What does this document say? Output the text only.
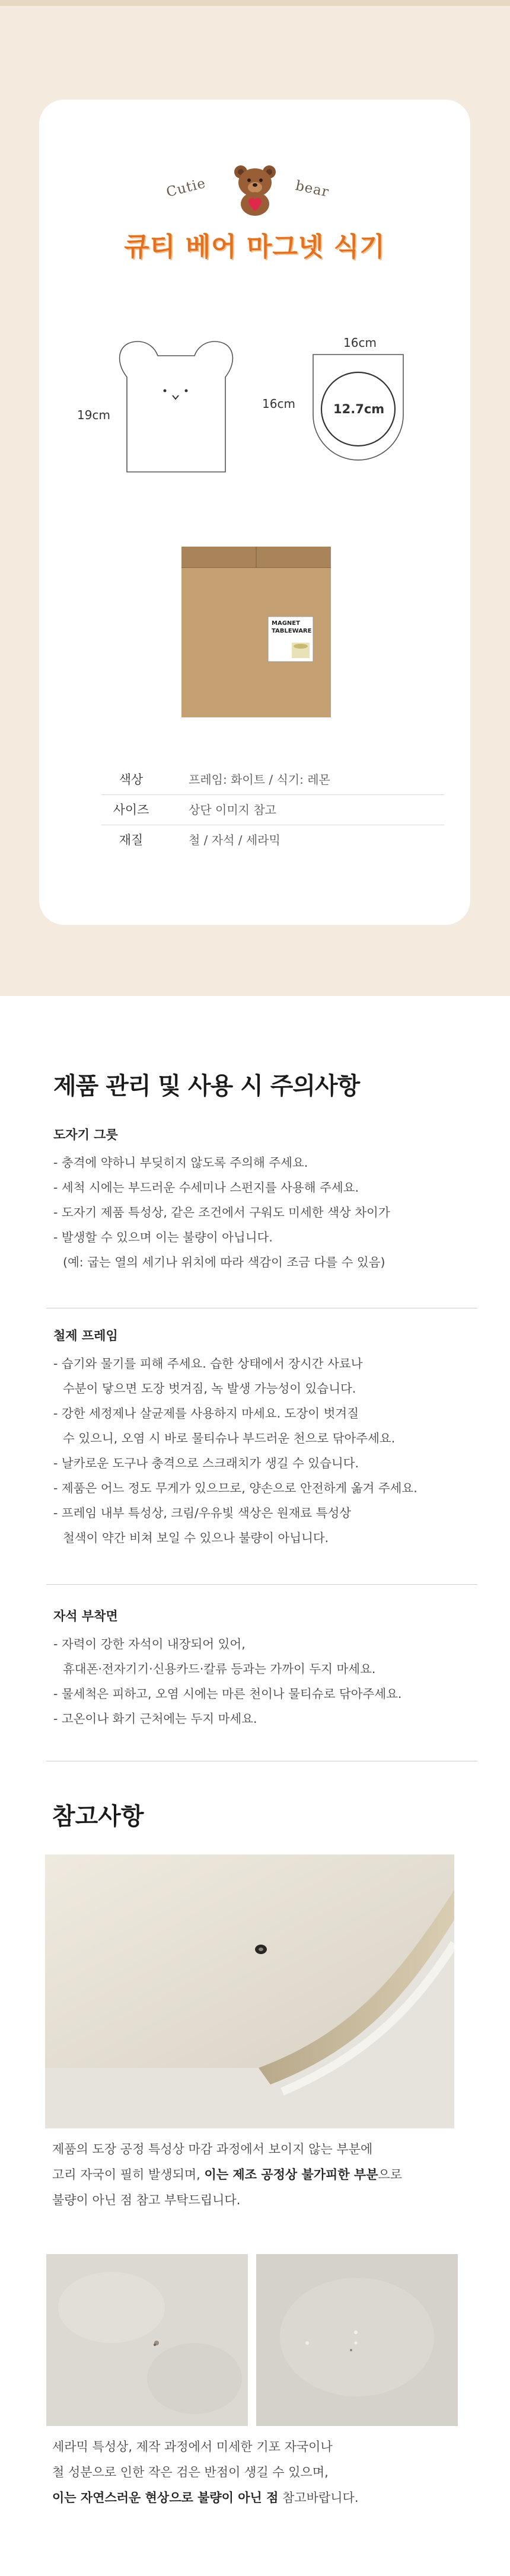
Cutie	bear
큐티 베어 마그넷 식기
19cm
16cm
16cm	12.7cm
MAGNET
TABLEWARE
색상	프레임: 화이트 / 식기: 레몬
사이즈	상단 이미지 참고
재질	철 / 자석 / 세라믹
제품 관리 및 사용 시 주의사항

도자기 그릇

- 충격에 약하니 부딪히지 않도록 주의해 주세요.

- 세척 시에는 부드러운 수세미나 스펀지를 사용해 주세요.

- 도자기 제품 특성상, 같은 조건에서 구워도 미세한 색상 차이가

- 발생할 수 있으며 이는 불량이 아닙니다.

(예: 굽는 열의 세기나 위치에 따라 색감이 조금 다를 수 있음)

철제 프레임

- 습기와 물기를 피해 주세요. 습한 상태에서 장시간 사료나

수분이 닿으면 도장 벗겨짐, 녹 발생 가능성이 있습니다.

- 강한 세정제나 살균제를 사용하지 마세요. 도장이 벗겨질

수 있으니, 오염 시 바로 물티슈나 부드러운 천으로 닦아주세요.

- 날카로운 도구나 충격으로 스크래치가 생길 수 있습니다.

- 제품은 어느 정도 무게가 있으므로, 양손으로 안전하게 옮겨 주세요.

- 프레임 내부 특성상, 크림/우유빛 색상은 원재료 특성상

철색이 약간 비쳐 보일 수 있으나 불량이 아닙니다.

자석 부착면

- 자력이 강한 자석이 내장되어 있어,

휴대폰·전자기기·신용카드·칼류 등과는 가까이 두지 마세요.

- 물세척은 피하고, 오염 시에는 마른 천이나 물티슈로 닦아주세요.

- 고온이나 화기 근처에는 두지 마세요.

참고사항

제품의 도장 공정 특성상 마감 과정에서 보이지 않는 부분에

고리 자국이 필히 발생되며, 이는 제조 공정상 불가피한 부분으로

불량이 아닌 점 참고 부탁드립니다.

세라믹 특성상, 제작 과정에서 미세한 기포 자국이나

철 성분으로 인한 작은 검은 반점이 생길 수 있으며,

이는 자연스러운 현상으로 불량이 아닌 점 참고바랍니다.
